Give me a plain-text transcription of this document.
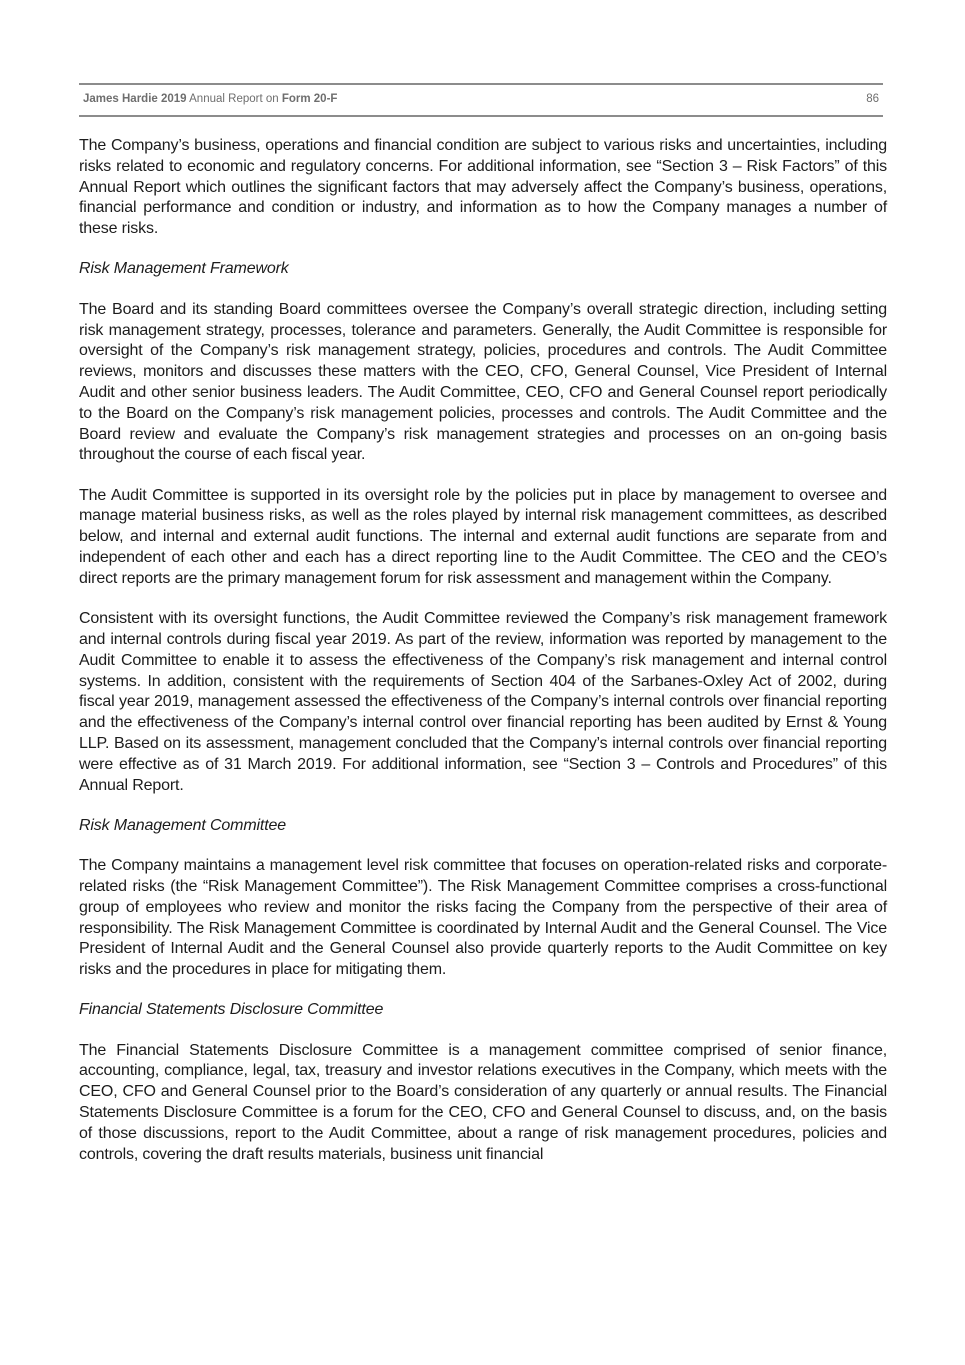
James Hardie 2019 Annual Report on Form 20-F	86

The Company’s business, operations and financial condition are subject to various risks and uncertainties, including risks related to economic and regulatory concerns. For additional information, see “Section 3 – Risk Factors” of this Annual Report which outlines the significant factors that may adversely affect the Company’s business, operations, financial performance and condition or industry, and information as to how the Company manages a number of these risks.

Risk Management Framework

The Board and its standing Board committees oversee the Company’s overall strategic direction, including setting risk management strategy, processes, tolerance and parameters. Generally, the Audit Committee is responsible for oversight of the Company’s risk management strategy, policies, procedures and controls. The Audit Committee reviews, monitors and discusses these matters with the CEO, CFO, General Counsel, Vice President of Internal Audit and other senior business leaders. The Audit Committee, CEO, CFO and General Counsel report periodically to the Board on the Company’s risk management policies, processes and controls. The Audit Committee and the Board review and evaluate the Company’s risk management strategies and processes on an on-going basis throughout the course of each fiscal year.

The Audit Committee is supported in its oversight role by the policies put in place by management to oversee and manage material business risks, as well as the roles played by internal risk management committees, as described below, and internal and external audit functions. The internal and external audit functions are separate from and independent of each other and each has a direct reporting line to the Audit Committee. The CEO and the CEO’s direct reports are the primary management forum for risk assessment and management within the Company.

Consistent with its oversight functions, the Audit Committee reviewed the Company’s risk management framework and internal controls during fiscal year 2019. As part of the review, information was reported by management to the Audit Committee to enable it to assess the effectiveness of the Company’s risk management and internal control systems. In addition, consistent with the requirements of Section 404 of the Sarbanes-Oxley Act of 2002, during fiscal year 2019, management assessed the effectiveness of the Company’s internal controls over financial reporting and the effectiveness of the Company’s internal control over financial reporting has been audited by Ernst & Young LLP. Based on its assessment, management concluded that the Company’s internal controls over financial reporting were effective as of 31 March 2019. For additional information, see “Section 3 – Controls and Procedures” of this Annual Report.

Risk Management Committee

The Company maintains a management level risk committee that focuses on operation-related risks and corporate-related risks (the “Risk Management Committee”). The Risk Management Committee comprises a cross-functional group of employees who review and monitor the risks facing the Company from the perspective of their area of responsibility. The Risk Management Committee is coordinated by Internal Audit and the General Counsel. The Vice President of Internal Audit and the General Counsel also provide quarterly reports to the Audit Committee on key risks and the procedures in place for mitigating them.

Financial Statements Disclosure Committee

The Financial Statements Disclosure Committee is a management committee comprised of senior finance, accounting, compliance, legal, tax, treasury and investor relations executives in the Company, which meets with the CEO, CFO and General Counsel prior to the Board’s consideration of any quarterly or annual results. The Financial Statements Disclosure Committee is a forum for the CEO, CFO and General Counsel to discuss, and, on the basis of those discussions, report to the Audit Committee, about a range of risk management procedures, policies and controls, covering the draft results materials, business unit financial
